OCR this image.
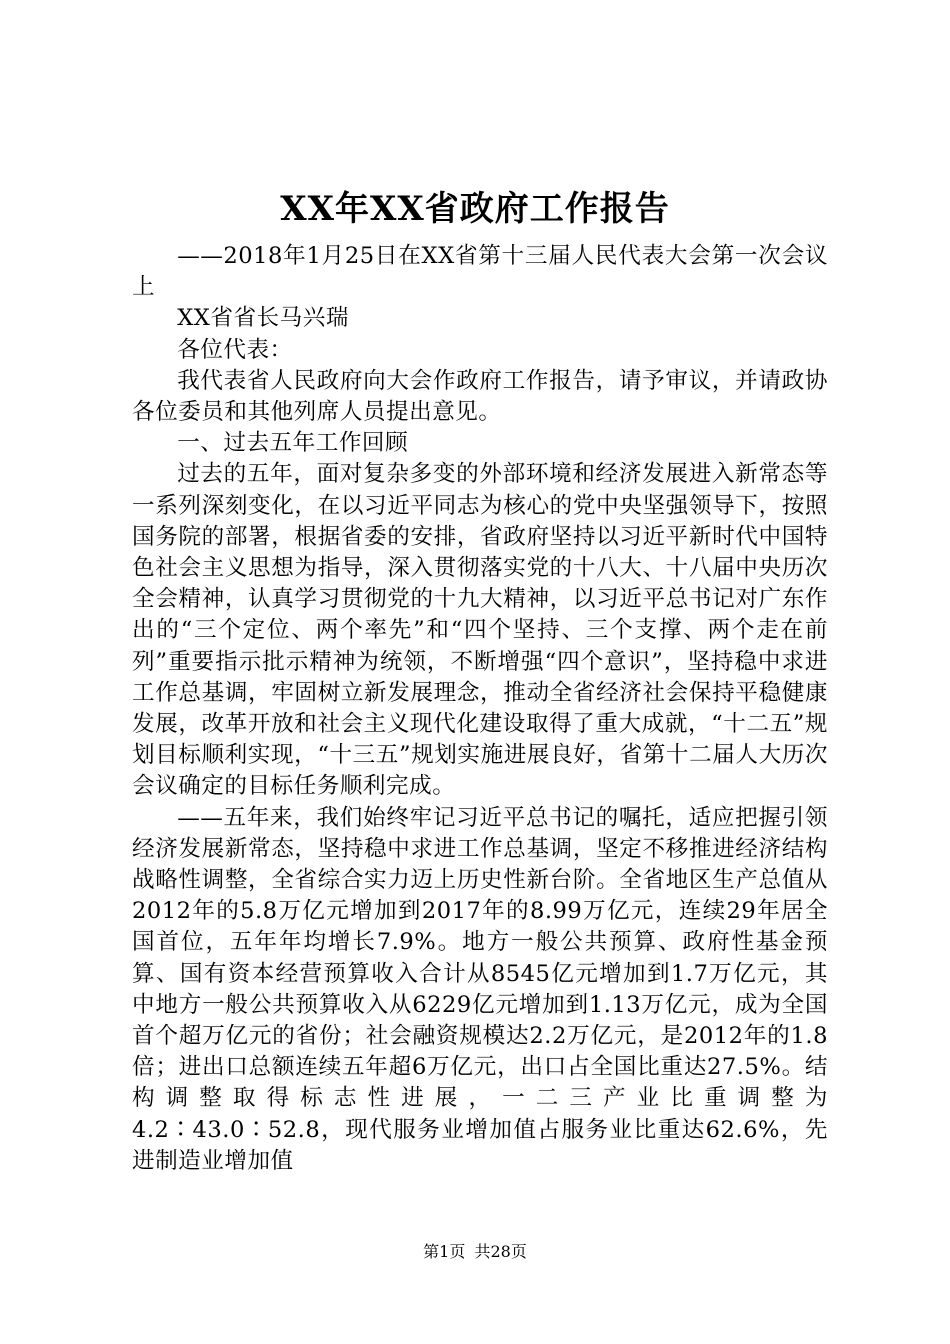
XX年XX省政府工作报告

——2018年1月25日在XX省第十三届人民代表大会第一次会议上

XX省省长马兴瑞

各位代表：

我代表省人民政府向大会作政府工作报告，请予审议，并请政协各位委员和其他列席人员提出意见。

一、过去五年工作回顾

过去的五年，面对复杂多变的外部环境和经济发展进入新常态等一系列深刻变化，在以习近平同志为核心的党中央坚强领导下，按照国务院的部署，根据省委的安排，省政府坚持以习近平新时代中国特色社会主义思想为指导，深入贯彻落实党的十八大、十八届中央历次全会精神，认真学习贯彻党的十九大精神，以习近平总书记对广东作出的“三个定位、两个率先”和“四个坚持、三个支撑、两个走在前列”重要指示批示精神为统领，不断增强“四个意识”，坚持稳中求进工作总基调，牢固树立新发展理念，推动全省经济社会保持平稳健康发展，改革开放和社会主义现代化建设取得了重大成就，“十二五”规划目标顺利实现，“十三五”规划实施进展良好，省第十二届人大历次会议确定的目标任务顺利完成。

——五年来，我们始终牢记习近平总书记的嘱托，适应把握引领经济发展新常态，坚持稳中求进工作总基调，坚定不移推进经济结构战略性调整，全省综合实力迈上历史性新台阶。全省地区生产总值从2012年的5.8万亿元增加到2017年的8.99万亿元，连续29年居全国首位，五年年均增长7.9%。地方一般公共预算、政府性基金预算、国有资本经营预算收入合计从8545亿元增加到1.7万亿元，其中地方一般公共预算收入从6229亿元增加到1.13万亿元，成为全国首个超万亿元的省份；社会融资规模达2.2万亿元，是2012年的1.8倍；进出口总额连续五年超6万亿元，出口占全国比重达27.5%。结构调整取得标志性进展，一二三产业比重调整为4.2∶43.0∶52.8，现代服务业增加值占服务业比重达62.6%，先进制造业增加值

第1页 共28页
